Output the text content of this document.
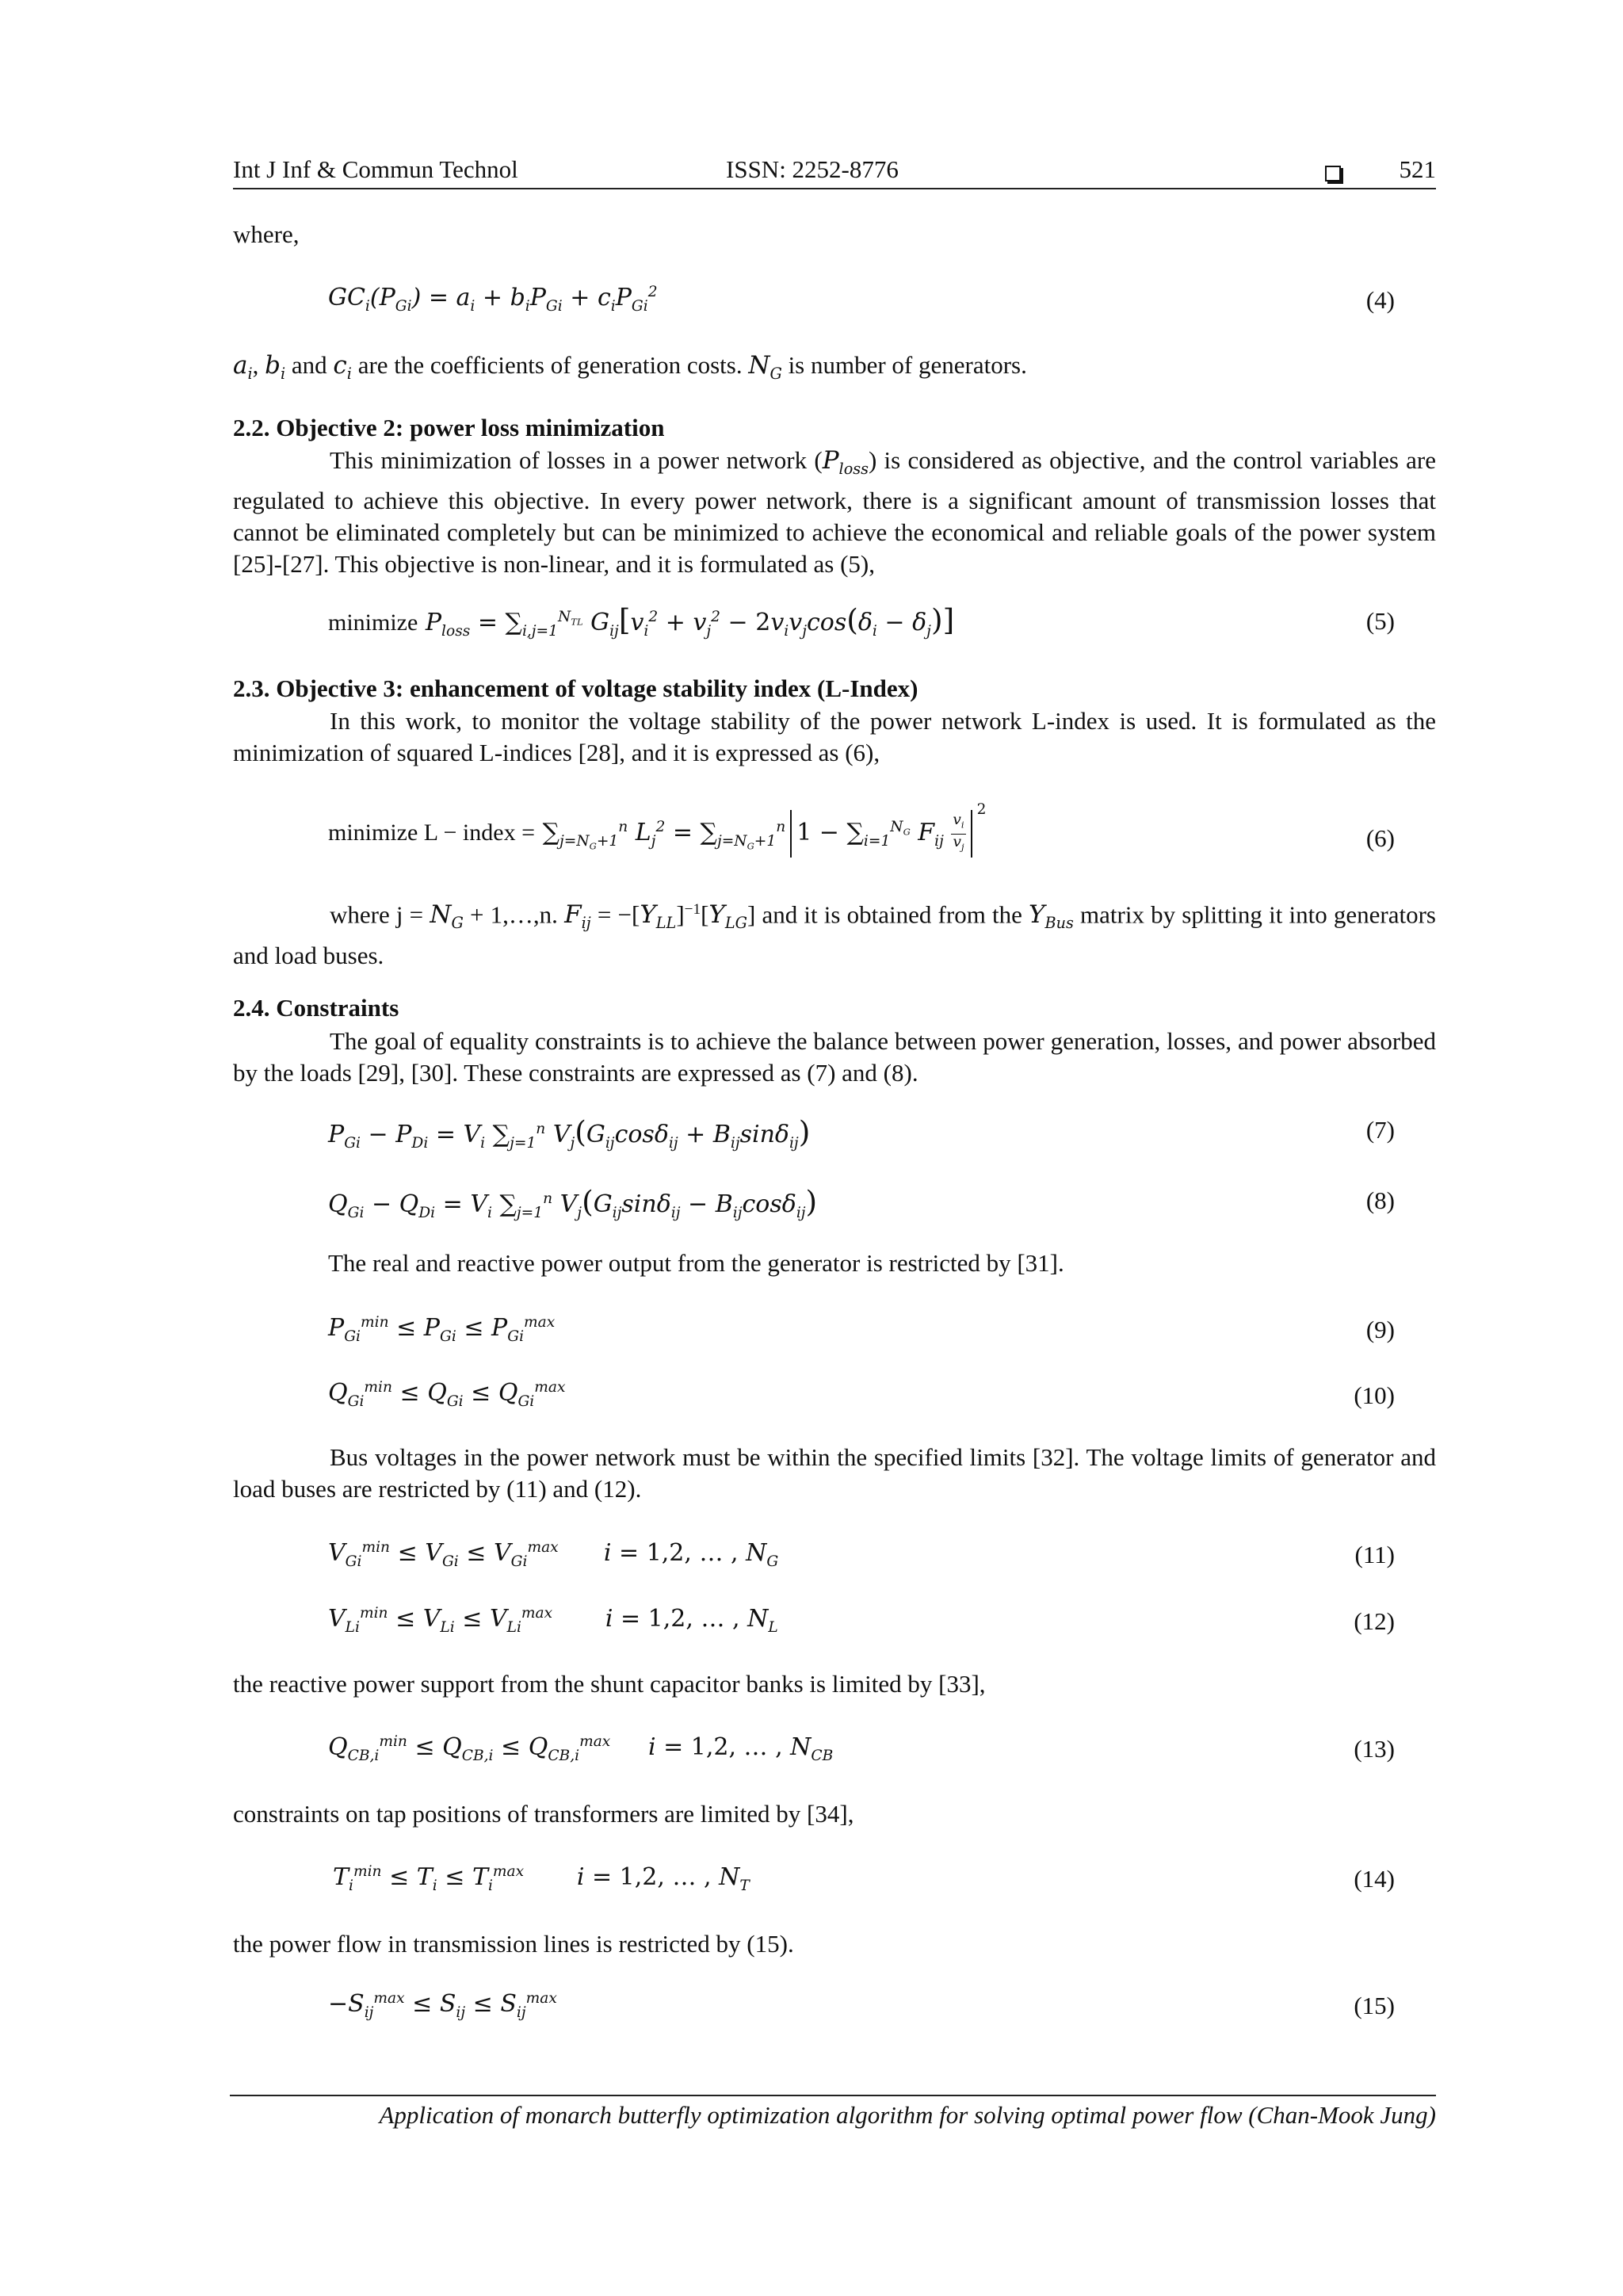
Int J Inf & Commun Technol	ISSN: 2252-8776	521
where,
$GC_i(P_{Gi}) = a_i + b_iP_{Gi} + c_iP_{Gi}^2$	(4)
$a_i$, $b_i$ and $c_i$ are the coefficients of generation costs. $N_G$ is number of generators.
2.2. Objective 2: power loss minimization
This minimization of losses in a power network $(P_{loss})$ is considered as objective, and the control variables are regulated to achieve this objective. In every power network, there is a significant amount of transmission losses that cannot be eliminated completely but can be minimized to achieve the economical and reliable goals of the power system [25]-[27]. This objective is non-linear, and it is formulated as (5),
minimize $P_{loss} = \sum_{i,j=1}^{N_{TL}}$ $G_{ij}[v_i^2 + v_j^2 - 2v_iv_j\cos(\delta_i - \delta_j)]$	(5)
2.3. Objective 3: enhancement of voltage stability index (L-Index)
In this work, to monitor the voltage stability of the power network L-index is used. It is formulated as the minimization of squared L-indices [28], and it is expressed as (6),
minimize L − index = $\sum_{j=N_G+1}^n$ $L_j^2 = \sum_{j=N_G+1}^n$ $1 - \sum_{i=1}^{N_G}$ $F_{ij} \frac{v_i}{v_j}$
$^2$
(6)
where $j = N_G$ + 1,…,n. $F_{ij} = -[Y_{LL}]^{-1}[Y_{LG}]$ and it is obtained from the $Y_{Bus}$ matrix by splitting it into generators and load buses.
2.4. Constraints
The goal of equality constraints is to achieve the balance between power generation, losses, and power absorbed by the loads [29], [30]. These constraints are expressed as (7) and (8).
$P_{Gi} - P_{Di} = V_i$ $\sum_{j=1}^n$ $V_j(G_{ij}\cos\delta_{ij} + B_{ij}\sin\delta_{ij})$	(7)
$Q_{Gi} - Q_{Di} = V_i$ $\sum_{j=1}^n$ $V_j(G_{ij}\sin\delta_{ij} - B_{ij}\cos\delta_{ij})$	(8)
The real and reactive power output from the generator is restricted by [31].
$P_{Gi}^{min} \le P_{Gi} \le P_{Gi}^{max}$	(9)
$Q_{Gi}^{min} \le Q_{Gi} \le Q_{Gi}^{max}$	(10)
Bus voltages in the power network must be within the specified limits [32]. The voltage limits of generator and load buses are restricted by (11) and (12).
$V_{Gi}^{min} \le V_{Gi} \le V_{Gi}^{max}$      i = 1,2, … , $N_G$	(11)
$V_{Li}^{min} \le V_{Li} \le V_{Li}^{max}$       i = 1,2, … , $N_L$	(12)
the reactive power support from the shunt capacitor banks is limited by [33],
$Q_{CB,i}^{min} \le Q_{CB,i} \le Q_{CB,i}^{max}$     i = 1,2, … , $N_{CB}$	(13)
constraints on tap positions of transformers are limited by [34],
$T_i^{min} \le T_i \le T_i^{max}$       i = 1,2, … , $N_T$	(14)
the power flow in transmission lines is restricted by (15).
$-S_{ij}^{max} \le S_{ij} \le S_{ij}^{max}$	(15)
Application of monarch butterfly optimization algorithm for solving optimal power flow (Chan-Mook Jung)
